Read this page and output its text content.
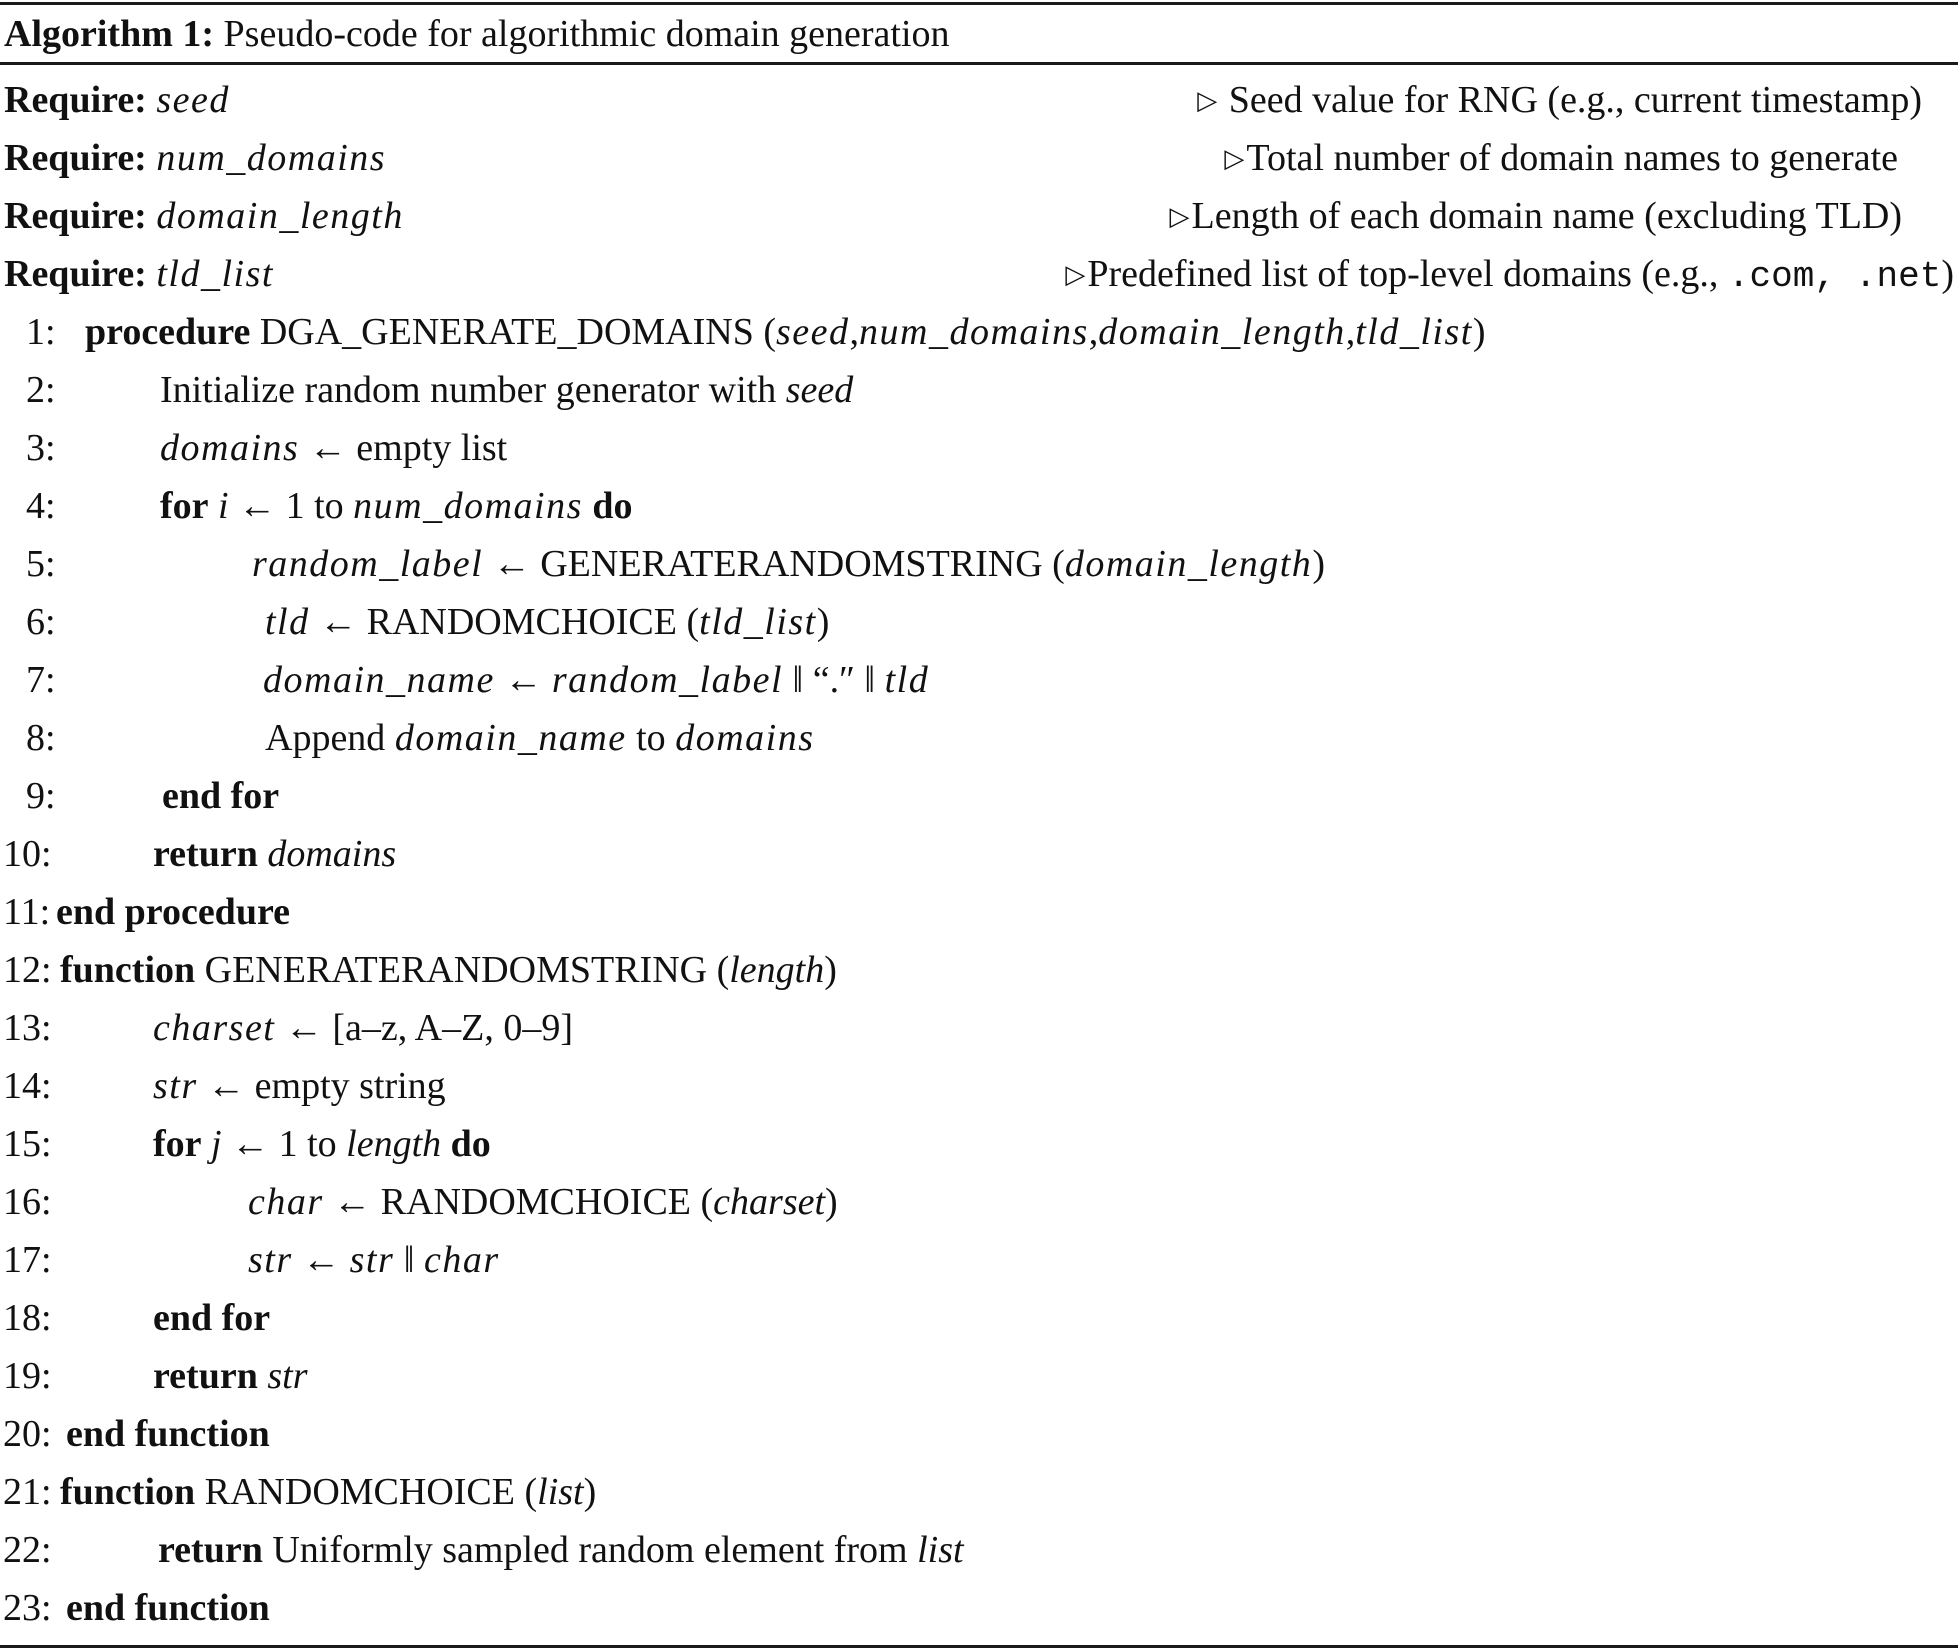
Algorithm 1: Pseudo-code for algorithmic domain generation
Require: seed	▷ Seed value for RNG (e.g., current timestamp)
Require: num_domains	▷Total number of domain names to generate
Require: domain_length	▷Length of each domain name (excluding TLD)
Require: tld_list	▷Predefined list of top-level domains (e.g., .com, .net)
1: procedure DGA_GENERATE_DOMAINS (seed,num_domains,domain_length,tld_list)
2:	Initialize random number generator with seed
3:	domains ← empty list
4:	for i ← 1 to num_domains do
5:	random_label ← GENERATERANDOMSTRING (domain_length)
6:	tld ← RANDOMCHOICE (tld_list)
7:	domain_name ← random_label ‖ “.″ ‖ tld
8:	Append domain_name to domains
9:	end for
10:	return domains
11: end procedure
12: function GENERATERANDOMSTRING (length)
13:	charset ← [a–z, A–Z, 0–9]
14:	str ← empty string
15:	for j ← 1 to length do
16:	char ← RANDOMCHOICE (charset)
17:	str ← str ‖ char
18:	end for
19:	return str
20: end function
21: function RANDOMCHOICE (list)
22:	return Uniformly sampled random element from list
23: end function
